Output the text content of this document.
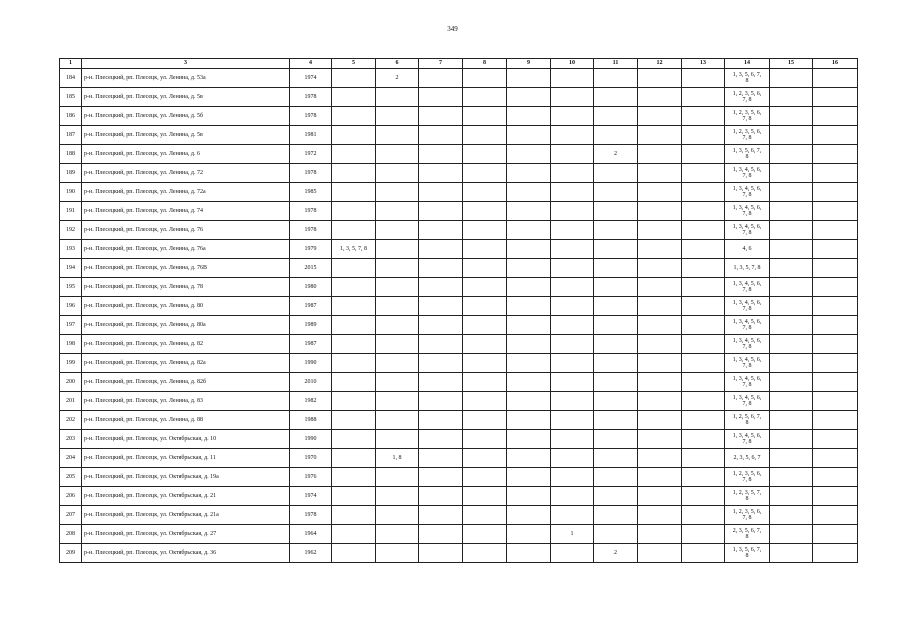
349
1	3	4	5	6	7	8	9	10	11	12	13	14	15	16
184	р-н. Плесецкий, рп. Плесецк, ул. Ленина, д. 53а	1974		2								1, 3, 5, 6, 7, 8		
185	р-н. Плесецкий, рп. Плесецк, ул. Ленина, д. 5в	1978										1, 2, 3, 5, 6, 7, 8		
186	р-н. Плесецкий, рп. Плесецк, ул. Ленина, д. 5б	1978										1, 2, 3, 5, 6, 7, 8		
187	р-н. Плесецкий, рп. Плесецк, ул. Ленина, д. 5в	1981										1, 2, 3, 5, 6, 7, 8		
188	р-н. Плесецкий, рп. Плесецк, ул. Ленина, д. 6	1972							2			1, 3, 5, 6, 7, 8		
189	р-н. Плесецкий, рп. Плесецк, ул. Ленина, д. 72	1978										1, 3, 4, 5, 6, 7, 8		
190	р-н. Плесецкий, рп. Плесецк, ул. Ленина, д. 72а	1985										1, 3, 4, 5, 6, 7, 8		
191	р-н. Плесецкий, рп. Плесецк, ул. Ленина, д. 74	1978										1, 3, 4, 5, 6, 7, 8		
192	р-н. Плесецкий, рп. Плесецк, ул. Ленина, д. 76	1978										1, 3, 4, 5, 6, 7, 8		
193	р-н. Плесецкий, рп. Плесецк, ул. Ленина, д. 76а	1979	1, 3, 5, 7, 8									4, 6		
194	р-н. Плесецкий, рп. Плесецк, ул. Ленина, д. 76В	2015										1, 3, 5, 7, 8		
195	р-н. Плесецкий, рп. Плесецк, ул. Ленина, д. 78	1980										1, 3, 4, 5, 6, 7, 8		
196	р-н. Плесецкий, рп. Плесецк, ул. Ленина, д. 80	1987										1, 3, 4, 5, 6, 7, 8		
197	р-н. Плесецкий, рп. Плесецк, ул. Ленина, д. 80а	1989										1, 3, 4, 5, 6, 7, 8		
198	р-н. Плесецкий, рп. Плесецк, ул. Ленина, д. 82	1987										1, 3, 4, 5, 6, 7, 8		
199	р-н. Плесецкий, рп. Плесецк, ул. Ленина, д. 82а	1990										1, 3, 4, 5, 6, 7, 8		
200	р-н. Плесецкий, рп. Плесецк, ул. Ленина, д. 82б	2010										1, 3, 4, 5, 6, 7, 8		
201	р-н. Плесецкий, рп. Плесецк, ул. Ленина, д. 83	1982										1, 3, 4, 5, 6, 7, 8		
202	р-н. Плесецкий, рп. Плесецк, ул. Ленина, д. 88	1988										1, 2, 5, 6, 7, 8		
203	р-н. Плесецкий, рп. Плесецк, ул. Октябрьская, д. 10	1990										1, 3, 4, 5, 6, 7, 8		
204	р-н. Плесецкий, рп. Плесецк, ул. Октябрьская, д. 11	1970		1, 8								2, 3, 5, 6, 7		
205	р-н. Плесецкий, рп. Плесецк, ул. Октябрьская, д. 19а	1976										1, 2, 3, 5, 6, 7, 8		
206	р-н. Плесецкий, рп. Плесецк, ул. Октябрьская, д. 21	1974										1, 2, 3, 5, 7, 8		
207	р-н. Плесецкий, рп. Плесецк, ул. Октябрьская, д. 21а	1978										1, 2, 3, 5, 6, 7, 8		
208	р-н. Плесецкий, рп. Плесецк, ул. Октябрьская, д. 27	1964						1				2, 3, 5, 6, 7, 8		
209	р-н. Плесецкий, рп. Плесецк, ул. Октябрьская, д. 36	1962							2			1, 3, 5, 6, 7, 8		
